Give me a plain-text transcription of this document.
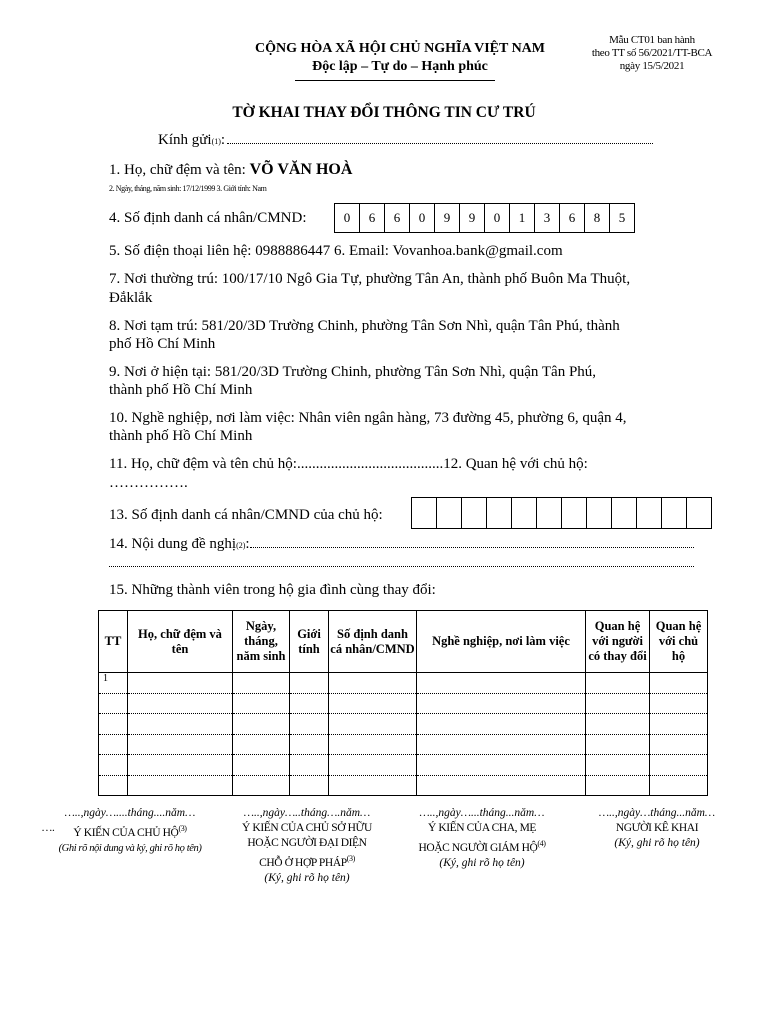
CỘNG HÒA XÃ HỘI CHỦ NGHĨA VIỆT NAM
Độc lập – Tự do – Hạnh phúc
Mẫu CT01 ban hành
theo TT số 56/2021/TT-BCA
ngày 15/5/2021
TỜ KHAI THAY ĐỔI THÔNG TIN CƯ TRÚ
Kính gửi (1) :
1. Họ, chữ đệm và tên: VÕ VĂN HOÀ
2. Ngày, tháng, năm sinh: 17/12/1999 3. Giới tính: Nam
4. Số định danh cá nhân/CMND:	0	6	6	0	9	9	0	1	3	6	8	5
5. Số điện thoại liên hệ: 0988886447 6. Email: Vovanhoa.bank@gmail.com
7. Nơi thường trú: 100/17/10 Ngô Gia Tự, phường Tân An, thành phố Buôn Ma Thuột,
Đắklắk
8. Nơi tạm trú: 581/20/3D Trường Chinh, phường Tân Sơn Nhì, quận Tân Phú, thành
phố Hồ Chí Minh
9. Nơi ở hiện tại: 581/20/3D Trường Chinh, phường Tân Sơn Nhì, quận Tân Phú,
thành phố Hồ Chí Minh
10. Nghề nghiệp, nơi làm việc: Nhân viên ngân hàng, 73 đường 45, phường 6, quận 4,
thành phố Hồ Chí Minh
11. Họ, chữ đệm và tên chủ hộ:.......................................12. Quan hệ với chủ hộ:
…………….
13. Số định danh cá nhân/CMND của chủ hộ:
14. Nội dung đề nghị (2) :
15. Những thành viên trong hộ gia đình cùng thay đổi:
TT	Họ, chữ đệm và tên	Ngày, tháng, năm sinh	Giới tính	Số định danh cá nhân/CMND	Nghề nghiệp, nơi làm việc	Quan hệ với người có thay đổi	Quan hệ với chủ hộ
1							

…..,ngày…....tháng....năm…
….	Ý KIẾN CỦA CHỦ HỘ$^{(3)}$
(Ghi rõ nội dung và ký, ghi rõ họ tên)
…..,ngày…..tháng….năm…
Ý KIẾN CỦA CHỦ SỞ HỮU
HOẶC NGƯỜI ĐẠI DIỆN
CHỖ Ở HỢP PHÁP$^{(3)}$
(Ký, ghi rõ họ tên)
…..,ngày…...tháng...năm…
Ý KIẾN CỦA CHA, MẸ
HOẶC NGƯỜI GIÁM HỘ$^{(4)}$
(Ký, ghi rõ họ tên)
…..,ngày…tháng...năm…
NGƯỜI KÊ KHAI
(Ký, ghi rõ họ tên)
